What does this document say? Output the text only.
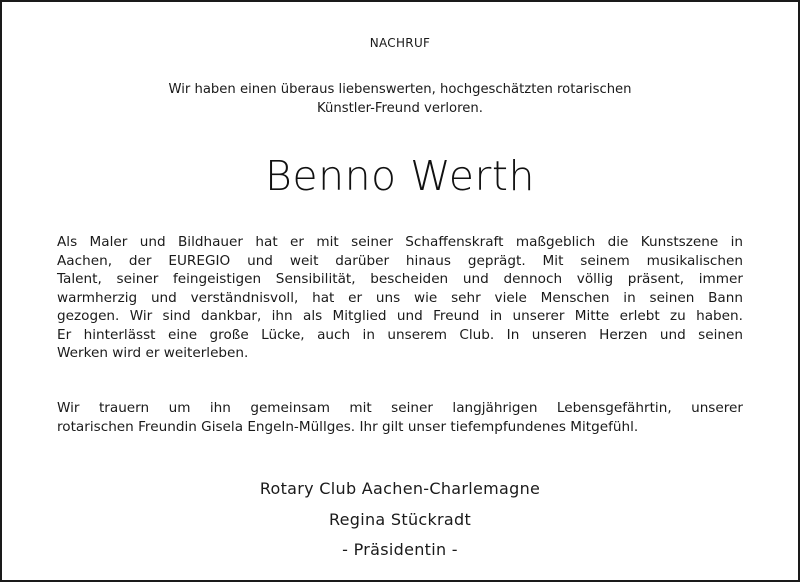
NACHRUF
Wir haben einen überaus liebenswerten, hochgeschätzten rotarischen
Künstler-Freund verloren.
Benno Werth
Als Maler und Bildhauer hat er mit seiner Schaffenskraft maßgeblich die Kunstszene in
Aachen, der EUREGIO und weit darüber hinaus geprägt. Mit seinem musikalischen
Talent, seiner feingeistigen Sensibilität, bescheiden und dennoch völlig präsent, immer
warmherzig und verständnisvoll, hat er uns wie sehr viele Menschen in seinen Bann
gezogen. Wir sind dankbar, ihn als Mitglied und Freund in unserer Mitte erlebt zu haben.
Er hinterlässt eine große Lücke, auch in unserem Club. In unseren Herzen und seinen
Werken wird er weiterleben.
Wir trauern um ihn gemeinsam mit seiner langjährigen Lebensgefährtin, unserer
rotarischen Freundin Gisela Engeln-Müllges. Ihr gilt unser tiefempfundenes Mitgefühl.
Rotary Club Aachen-Charlemagne
Regina Stückradt
- Präsidentin -
